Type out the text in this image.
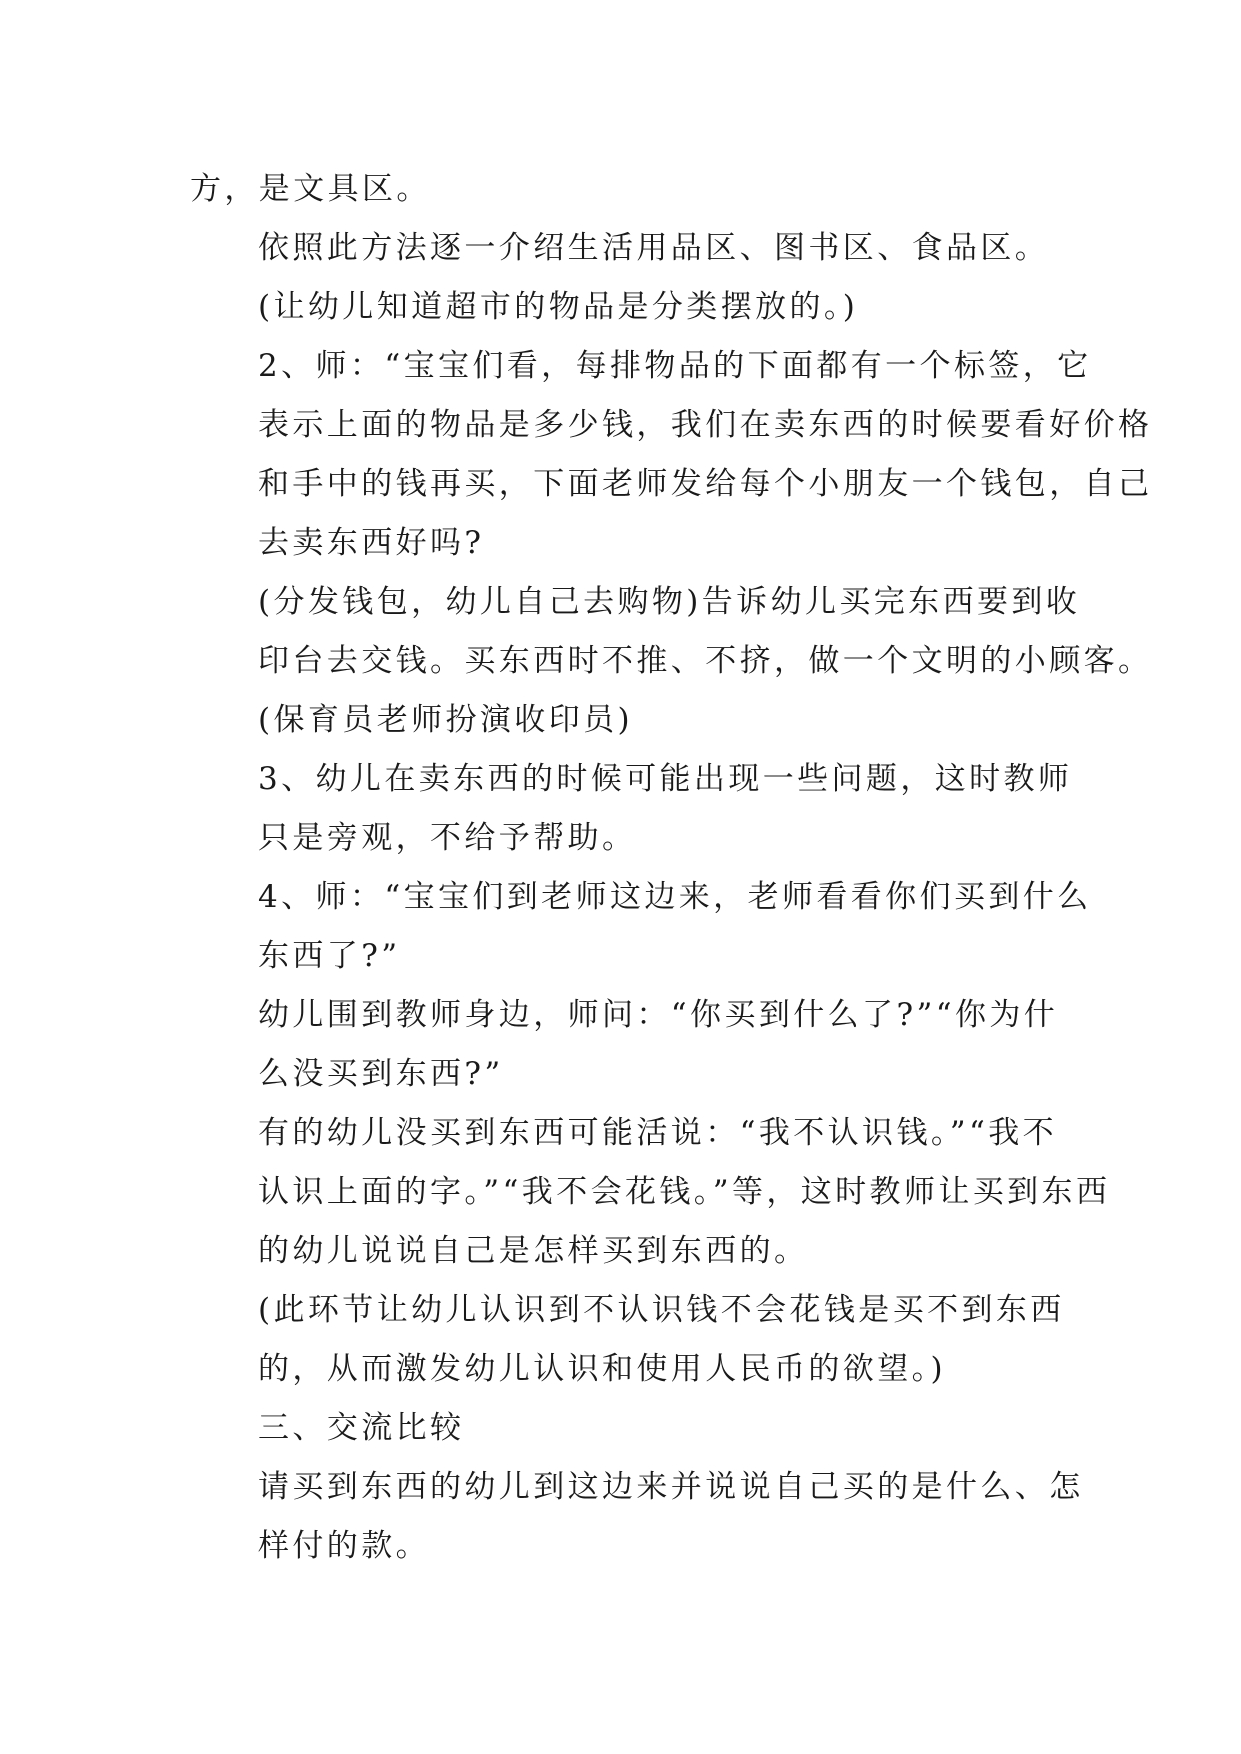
方，是文具区。

依照此方法逐一介绍生活用品区、图书区、食品区。

(让幼儿知道超市的物品是分类摆放的。)

2、师：“宝宝们看，每排物品的下面都有一个标签，它
表示上面的物品是多少钱，我们在卖东西的时候要看好价格
和手中的钱再买，下面老师发给每个小朋友一个钱包，自己
去卖东西好吗?

(分发钱包，幼儿自己去购物)告诉幼儿买完东西要到收
印台去交钱。买东西时不推、不挤，做一个文明的小顾客。
(保育员老师扮演收印员)

3、幼儿在卖东西的时候可能出现一些问题，这时教师
只是旁观，不给予帮助。

4、师：“宝宝们到老师这边来，老师看看你们买到什么
东西了?”

幼儿围到教师身边，师问：“你买到什么了?”“你为什
么没买到东西?”

有的幼儿没买到东西可能活说：“我不认识钱。”“我不
认识上面的字。”“我不会花钱。”等，这时教师让买到东西
的幼儿说说自己是怎样买到东西的。

(此环节让幼儿认识到不认识钱不会花钱是买不到东西
的，从而激发幼儿认识和使用人民币的欲望。)

三、交流比较

请买到东西的幼儿到这边来并说说自己买的是什么、怎
样付的款。
